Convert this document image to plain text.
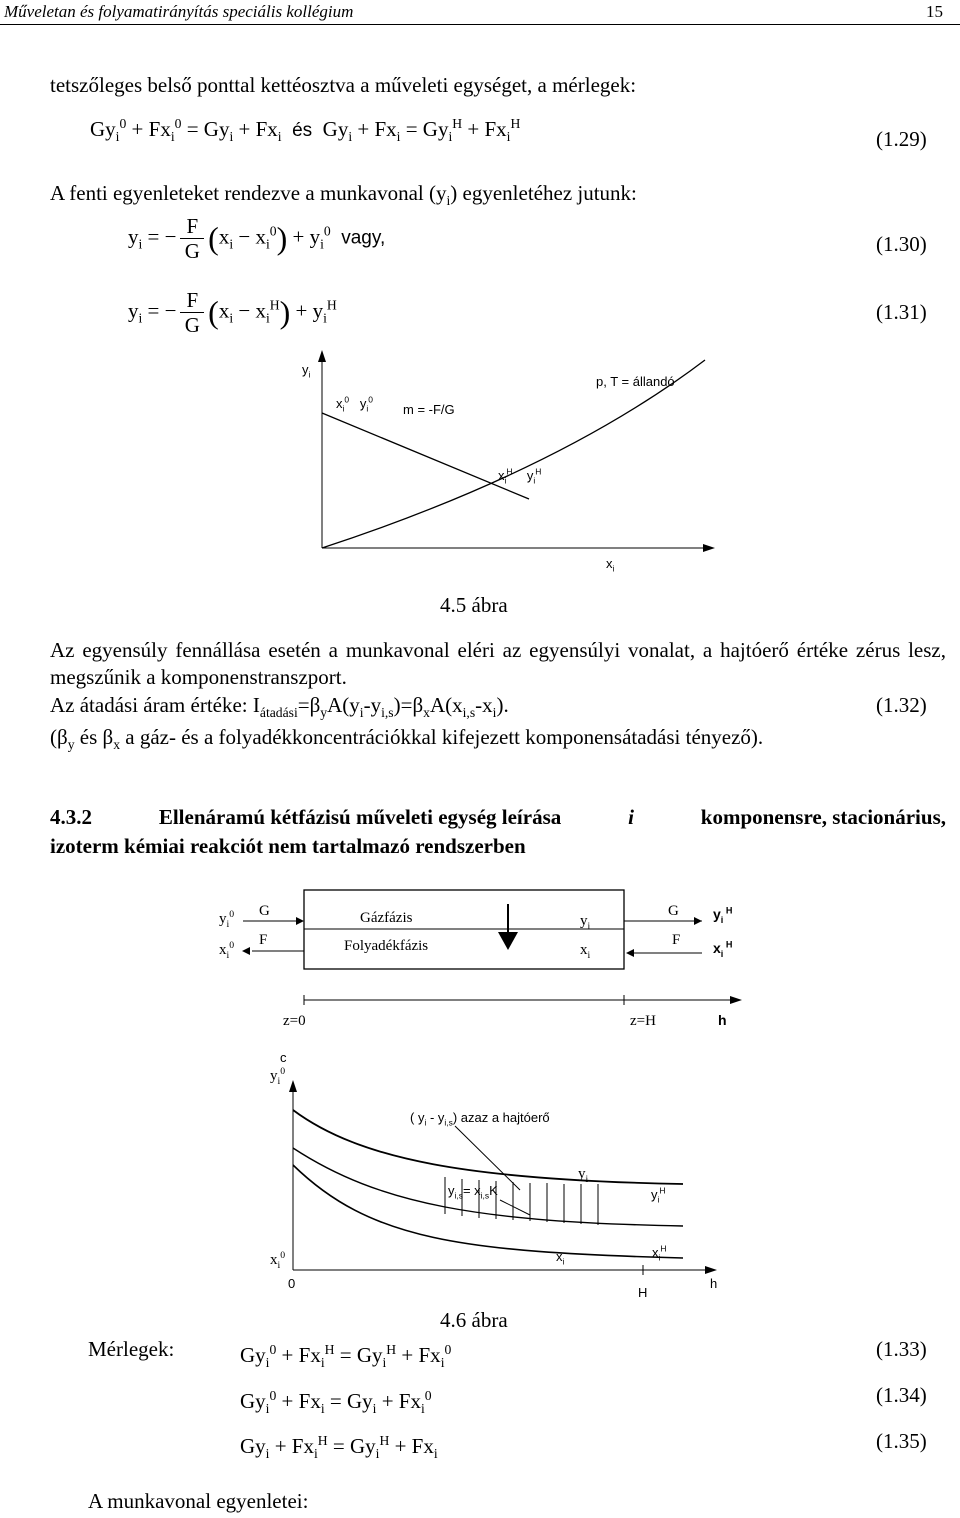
Műveletan és folyamatirányítás speciális kollégium	15
tetszőleges belső ponttal kettéosztva a műveleti egységet, a mérlegek:
$Gy_i^0 + Fx_i^0 = Gy_i + Fx_i$ és  $Gy_i + Fx_i = Gy_i^H + Fx_i^H$
(1.29)
A fenti egyenleteket rendezve a munkavonal $(y_i)$ egyenletéhez jutunk:
$y_i$ = − $\frac{F}{G} (x_i - x_i^0) + y_i^0$ vagy,	(1.30)
$y_i$ = − $\frac{F}{G} (x_i - x_i^H) + y_i^H$	(1.31)
$y_i$
$x_i^0$   $y_i^0$
m = -F/G
p, T = állandó
$x_i^H$    $y_i^H$
$x_i$
4.5 ábra
Az egyensúly fennállása esetén a munkavonal eléri az egyensúlyi vonalat, a hajtóerő értéke zérus lesz, megszűnik a komponenstranszport.
Az átadási áram értéke: $I_{átadási}=\beta_yA(y_i-y_{i,s})=\beta_xA(x_{i,s}-x_i)$.	(1.32)
($\beta_y$ és $\beta_x$ a gáz- és a folyadékkoncentrációkkal kifejezett komponensátadási tényező).
4.3.2	Ellenáramú kétfázisú műveleti egység leírása	i	komponensre, stacionárius,
izoterm kémiai reakciót nem tartalmazó rendszerben
Gázfázis
Folyadékfázis
G
F
$y_i^0$
$x_i^0$
$y_i$
$x_i$
G
F
$y_i$ $^H$
$x_i$ $^H$
z=0	z=H	h
c
$y_i^0$
( $y_i - y_{i,s}$) azaz a hajtóerő
$y_{i,s}= x_{i,s}K$
$y_i$
$y_i^H$
$x_i^0$	$x_i$
$x_i^H$
0
H
h
4.6 ábra
Mérlegek:	$Gy_i^0 + Fx_i^H = Gy_i^H + Fx_i^0$	(1.33)
$Gy_i^0 + Fx_i = Gy_i + Fx_i^0$	(1.34)
$Gy_i + Fx_i^H = Gy_i^H + Fx_i$
(1.35)
A munkavonal egyenletei:
